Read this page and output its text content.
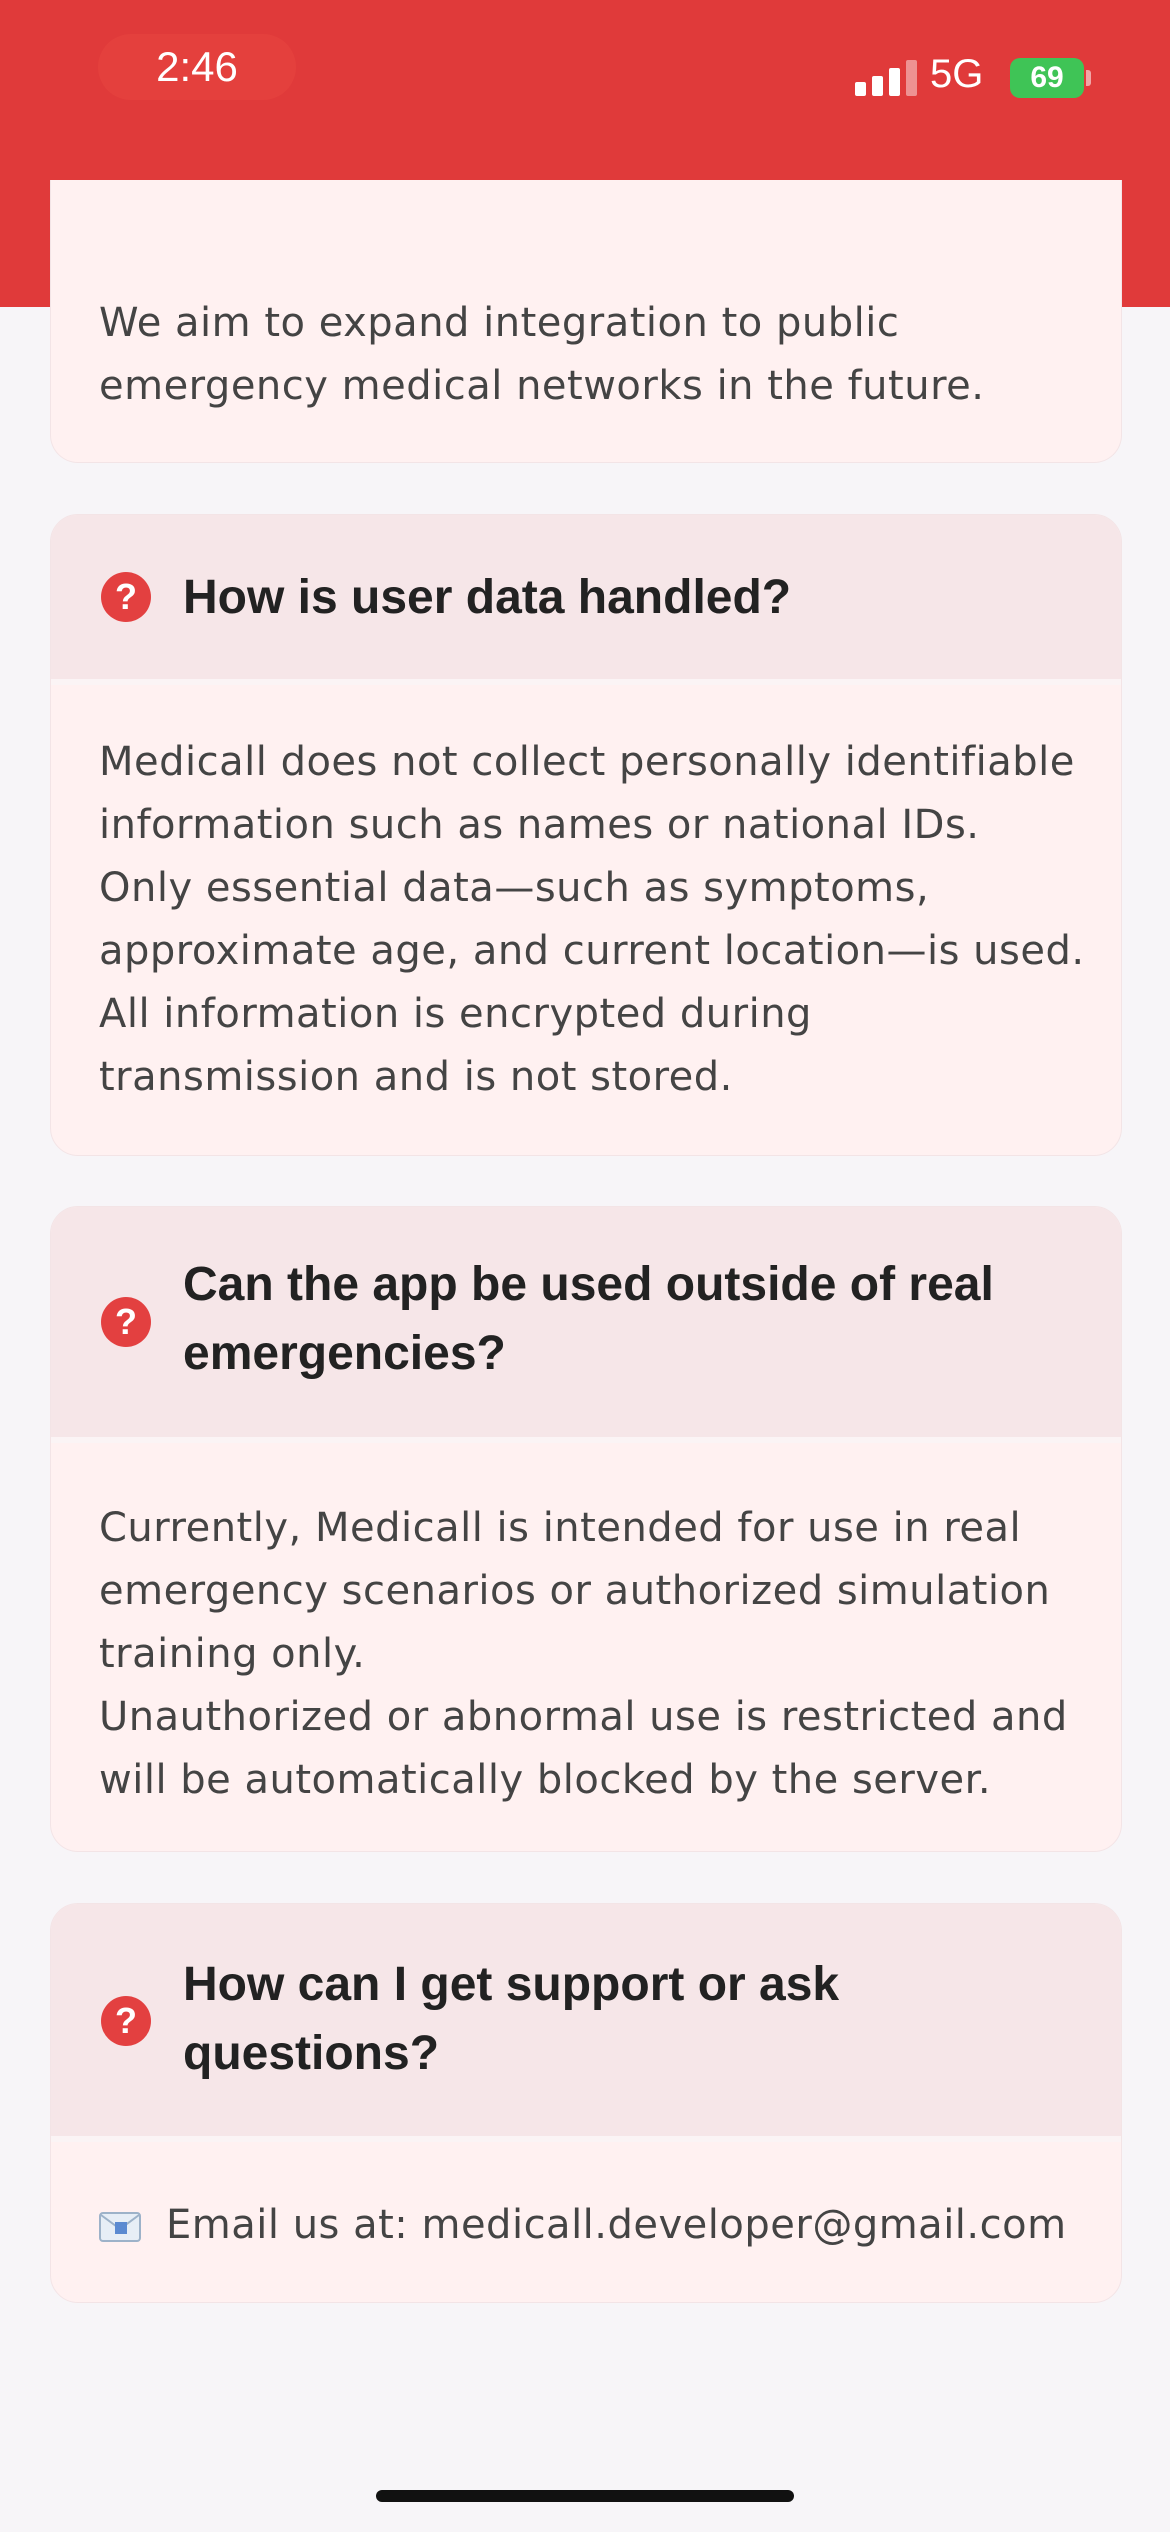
2:46	5G	69
We aim to expand integration to public
emergency medical networks in the future.
? How is user data handled?
Medicall does not collect personally identifiable
information such as names or national IDs.
Only essential data—such as symptoms,
approximate age, and current location—is used.
All information is encrypted during
transmission and is not stored.
?
Can the app be used outside of real emergencies?
Currently, Medicall is intended for use in real
emergency scenarios or authorized simulation
training only.
Unauthorized or abnormal use is restricted and
will be automatically blocked by the server.
?
How can I get support or ask questions?
Email us at: medicall.developer@gmail.com
